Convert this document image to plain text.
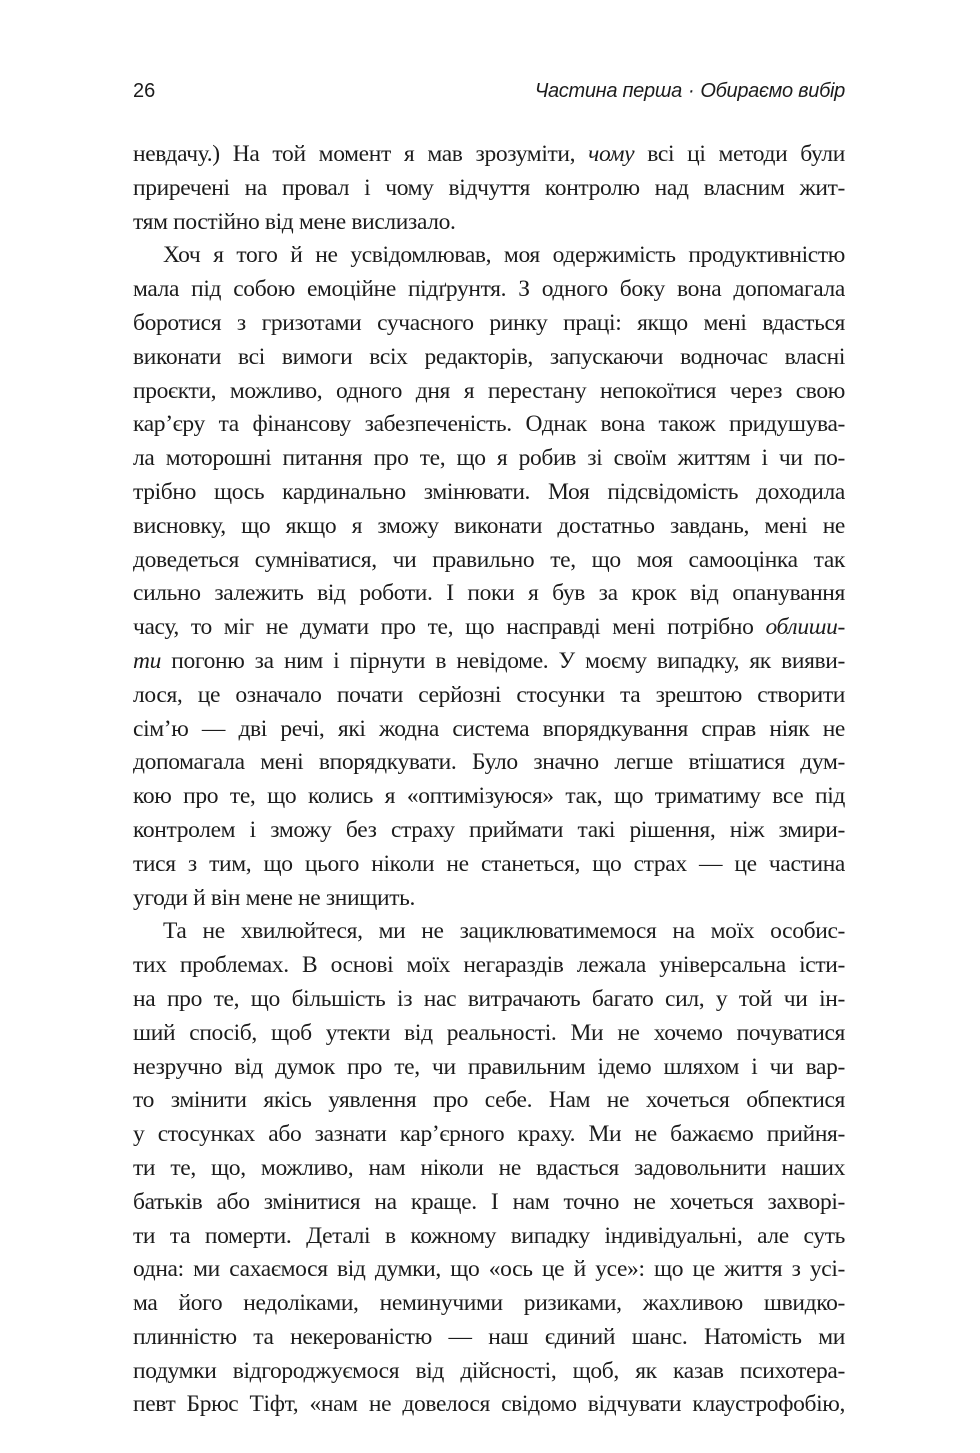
26	Частина перша · Обираємо вибір
невдачу.) На той момент я мав зрозуміти, чому всі ці методи були
приречені на провал і чому відчуття контролю над власним жит-
тям постійно від мене вислизало.
Хоч я того й не усвідомлював, моя одержимість продуктивністю
мала під собою емоційне підґрунтя. З одного боку вона допомагала
боротися з гризотами сучасного ринку праці: якщо мені вдасться
виконати всі вимоги всіх редакторів, запускаючи водночас власні
проєкти, можливо, одного дня я перестану непокоїтися через свою
кар’єру та фінансову забезпеченість. Однак вона також придушува-
ла моторошні питання про те, що я робив зі своїм життям і чи по-
трібно щось кардинально змінювати. Моя підсвідомість доходила
висновку, що якщо я зможу виконати достатньо завдань, мені не
доведеться сумніватися, чи правильно те, що моя самооцінка так
сильно залежить від роботи. І поки я був за крок від опанування
часу, то міг не думати про те, що насправді мені потрібно облиши-
ти погоню за ним і пірнути в невідоме. У моєму випадку, як вияви-
лося, це означало почати серйозні стосунки та зрештою створити
сім’ю — дві речі, які жодна система впорядкування справ ніяк не
допомагала мені впорядкувати. Було значно легше втішатися дум-
кою про те, що колись я «оптимізуюся» так, що триматиму все під
контролем і зможу без страху приймати такі рішення, ніж змири-
тися з тим, що цього ніколи не станеться, що страх — це частина
угоди й він мене не знищить.
Та не хвилюйтеся, ми не зациклюватимемося на моїх особис-
тих проблемах. В основі моїх негараздів лежала універсальна істи-
на про те, що більшість із нас витрачають багато сил, у той чи ін-
ший спосіб, щоб утекти від реальності. Ми не хочемо почуватися
незручно від думок про те, чи правильним ідемо шляхом і чи вар-
то змінити якісь уявлення про себе. Нам не хочеться обпектися
у стосунках або зазнати кар’єрного краху. Ми не бажаємо прийня-
ти те, що, можливо, нам ніколи не вдасться задовольнити наших
батьків або змінитися на краще. І нам точно не хочеться захворі-
ти та померти. Деталі в кожному випадку індивідуальні, але суть
одна: ми сахаємося від думки, що «ось це й усе»: що це життя з усі-
ма його недоліками, неминучими ризиками, жахливою швидко-
плинністю та некерованістю — наш єдиний шанс. Натомість ми
подумки відгороджуємося від дійсності, щоб, як казав психотера-
певт Брюс Тіфт, «нам не довелося свідомо відчувати клаустрофобію,
